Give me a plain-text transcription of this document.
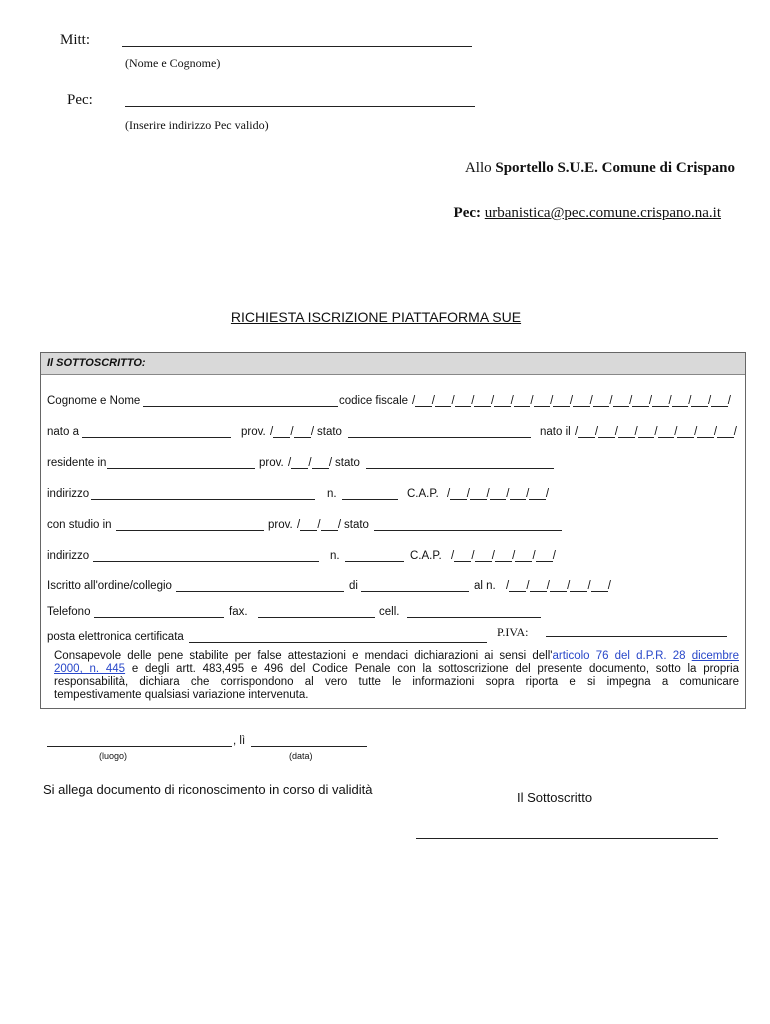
Mitt:
(Nome e Cognome)
Pec:
(Inserire indirizzo Pec valido)
Allo Sportello S.U.E. Comune di Crispano
Pec: urbanistica@pec.comune.crispano.na.it
RICHIESTA ISCRIZIONE PIATTAFORMA SUE
Il SOTTOSCRITTO:
Cognome e Nome	codice fiscale / / / / / / / / / / / / / / / / /
nato a	prov. / / / stato	nato il / / / / / / / / /
residente in	prov. / / / stato
indirizzo	n.	C.A.P. / / / / / /
con studio in	prov. / / / stato
indirizzo	n.	C.A.P. / / / / / /
Iscritto all'ordine/collegio	di	al n. / / / / / /
Telefono	fax.	cell.
posta elettronica certificata	P.IVA:
Consapevole delle pene stabilite per false attestazioni e mendaci dichiarazioni ai sensi dell'articolo 76 del d.P.R. 28 dicembre
2000, n. 445 e degli artt. 483,495 e 496 del Codice Penale con la sottoscrizione del presente documento, sotto la propria
responsabilità, dichiara che corrispondono al vero tutte le informazioni sopra riporta e si impegna a comunicare
tempestivamente qualsiasi variazione intervenuta.
, lì
(luogo)	(data)
Si allega documento di riconoscimento in corso di validità
Il Sottoscritto
